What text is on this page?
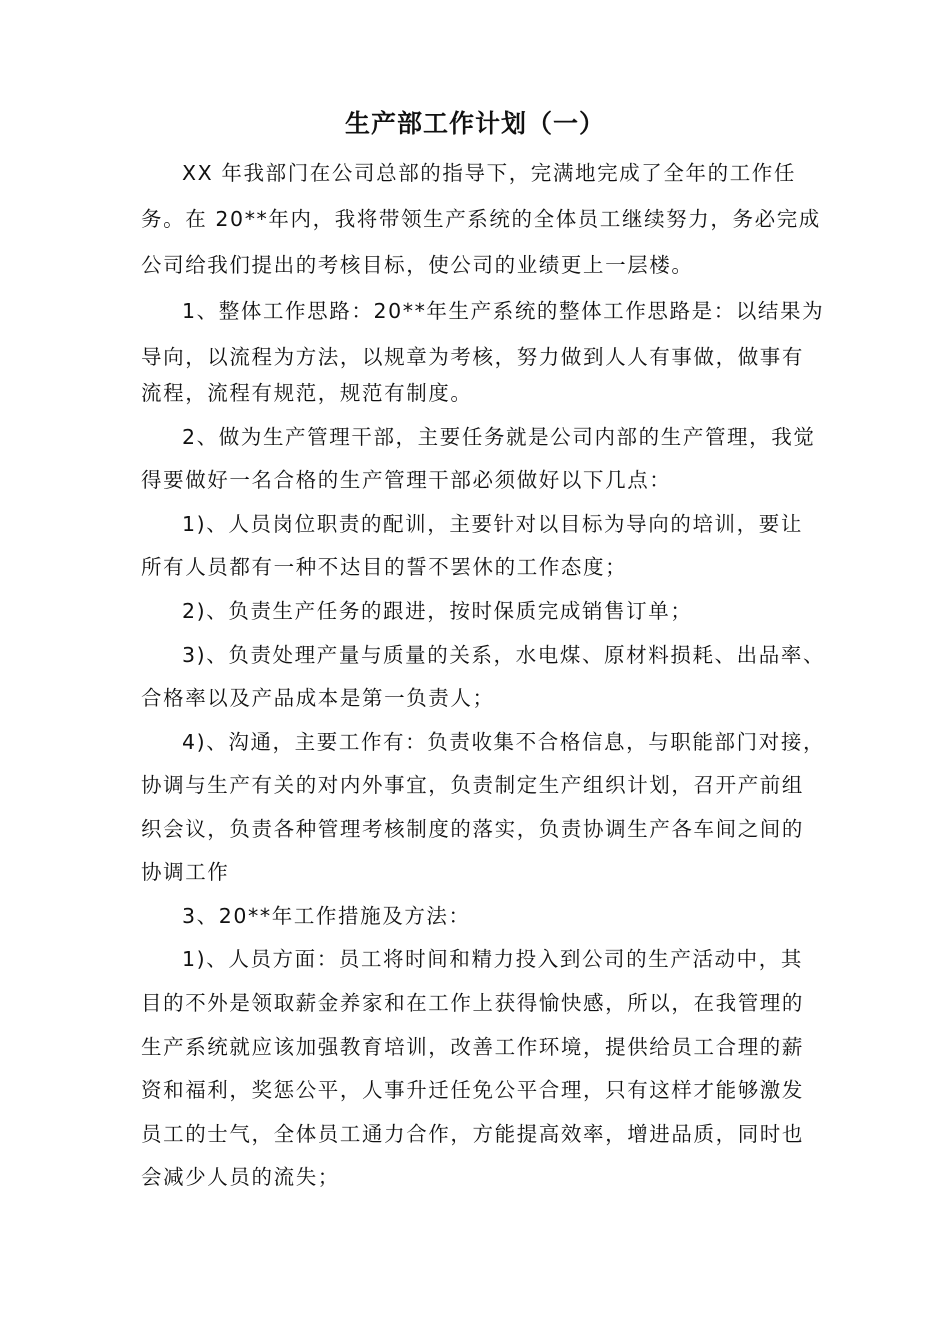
生产部工作计划（一）
XX 年我部门在公司总部的指导下，完满地完成了全年的工作任
务。在 20**年内，我将带领生产系统的全体员工继续努力，务必完成
公司给我们提出的考核目标，使公司的业绩更上一层楼。
1、整体工作思路：20**年生产系统的整体工作思路是：以结果为
导向，以流程为方法，以规章为考核，努力做到人人有事做，做事有
流程，流程有规范，规范有制度。
2、做为生产管理干部，主要任务就是公司内部的生产管理，我觉
得要做好一名合格的生产管理干部必须做好以下几点：
1)、人员岗位职责的配训，主要针对以目标为导向的培训，要让
所有人员都有一种不达目的誓不罢休的工作态度；
2)、负责生产任务的跟进，按时保质完成销售订单；
3)、负责处理产量与质量的关系，水电煤、原材料损耗、出品率、
合格率以及产品成本是第一负责人；
4)、沟通，主要工作有：负责收集不合格信息，与职能部门对接，
协调与生产有关的对内外事宜，负责制定生产组织计划，召开产前组
织会议，负责各种管理考核制度的落实，负责协调生产各车间之间的
协调工作
3、20**年工作措施及方法：
1)、人员方面：员工将时间和精力投入到公司的生产活动中，其
目的不外是领取薪金养家和在工作上获得愉快感，所以，在我管理的
生产系统就应该加强教育培训，改善工作环境，提供给员工合理的薪
资和福利，奖惩公平，人事升迁任免公平合理，只有这样才能够激发
员工的士气，全体员工通力合作，方能提高效率，增进品质，同时也
会减少人员的流失；
